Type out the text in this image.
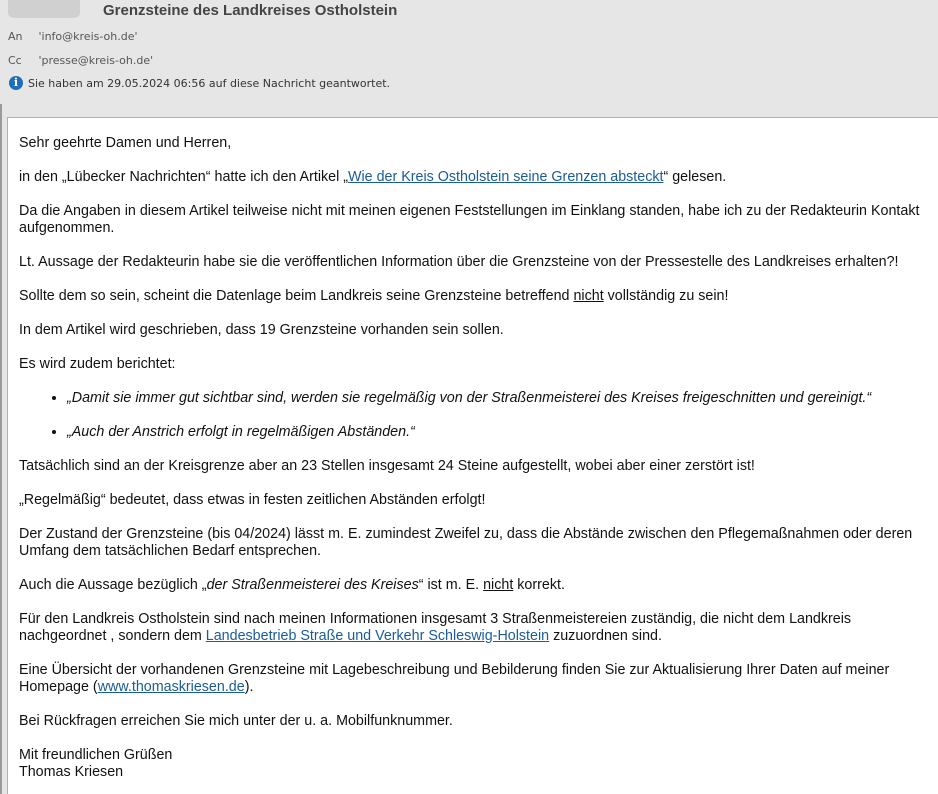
Grenzsteine des Landkreises Ostholstein
An 'info@kreis-oh.de'
Cc 'presse@kreis-oh.de'
i Sie haben am 29.05.2024 06:56 auf diese Nachricht geantwortet.

Sehr geehrte Damen und Herren,

in den „Lübecker Nachrichten“ hatte ich den Artikel „Wie der Kreis Ostholstein seine Grenzen absteckt“ gelesen.

Da die Angaben in diesem Artikel teilweise nicht mit meinen eigenen Feststellungen im Einklang standen, habe ich zu der Redakteurin Kontakt aufgenommen.

Lt. Aussage der Redakteurin habe sie die veröffentlichen Information über die Grenzsteine von der Pressestelle des Landkreises erhalten?!

Sollte dem so sein, scheint die Datenlage beim Landkreis seine Grenzsteine betreffend nicht vollständig zu sein!

In dem Artikel wird geschrieben, dass 19 Grenzsteine vorhanden sein sollen.

Es wird zudem berichtet:

• „Damit sie immer gut sichtbar sind, werden sie regelmäßig von der Straßenmeisterei des Kreises freigeschnitten und gereinigt.“
• „Auch der Anstrich erfolgt in regelmäßigen Abständen.“

Tatsächlich sind an der Kreisgrenze aber an 23 Stellen insgesamt 24 Steine aufgestellt, wobei aber einer zerstört ist!

„Regelmäßig“ bedeutet, dass etwas in festen zeitlichen Abständen erfolgt!

Der Zustand der Grenzsteine (bis 04/2024) lässt m. E. zumindest Zweifel zu, dass die Abstände zwischen den Pflegemaßnahmen oder deren Umfang dem tatsächlichen Bedarf entsprechen.

Auch die Aussage bezüglich „der Straßenmeisterei des Kreises“ ist m. E. nicht korrekt.

Für den Landkreis Ostholstein sind nach meinen Informationen insgesamt 3 Straßenmeistereien zuständig, die nicht dem Landkreis nachgeordnet , sondern dem Landesbetrieb Straße und Verkehr Schleswig-Holstein zuzuordnen sind.

Eine Übersicht der vorhandenen Grenzsteine mit Lagebeschreibung und Bebilderung finden Sie zur Aktualisierung Ihrer Daten auf meiner Homepage (www.thomaskriesen.de).

Bei Rückfragen erreichen Sie mich unter der u. a. Mobilfunknummer.

Mit freundlichen Grüßen
Thomas Kriesen
